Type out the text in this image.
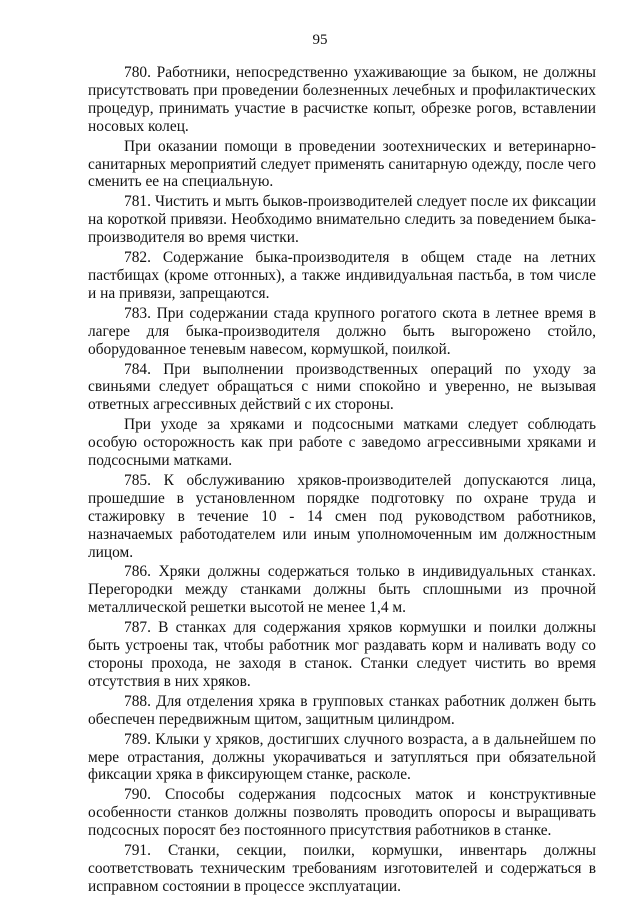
95

780. Работники, непосредственно ухаживающие за быком, не должны присутствовать при проведении болезненных лечебных и профилактических процедур, принимать участие в расчистке копыт, обрезке рогов, вставлении носовых колец.

При оказании помощи в проведении зоотехнических и ветеринарно-санитарных мероприятий следует применять санитарную одежду, после чего сменить ее на специальную.

781. Чистить и мыть быков-производителей следует после их фиксации на короткой привязи. Необходимо внимательно следить за поведением быка-производителя во время чистки.

782. Содержание быка-производителя в общем стаде на летних пастбищах (кроме отгонных), а также индивидуальная пастьба, в том числе и на привязи, запрещаются.

783. При содержании стада крупного рогатого скота в летнее время в лагере для быка-производителя должно быть выгорожено стойло, оборудованное теневым навесом, кормушкой, поилкой.

784. При выполнении производственных операций по уходу за свиньями следует обращаться с ними спокойно и уверенно, не вызывая ответных агрессивных действий с их стороны.

При уходе за хряками и подсосными матками следует соблюдать особую осторожность как при работе с заведомо агрессивными хряками и подсосными матками.

785. К обслуживанию хряков-производителей допускаются лица, прошедшие в установленном порядке подготовку по охране труда и стажировку в течение 10 - 14 смен под руководством работников, назначаемых работодателем или иным уполномоченным им должностным лицом.

786. Хряки должны содержаться только в индивидуальных станках. Перегородки между станками должны быть сплошными из прочной металлической решетки высотой не менее 1,4 м.

787. В станках для содержания хряков кормушки и поилки должны быть устроены так, чтобы работник мог раздавать корм и наливать воду со стороны прохода, не заходя в станок. Станки следует чистить во время отсутствия в них хряков.

788. Для отделения хряка в групповых станках работник должен быть обеспечен передвижным щитом, защитным цилиндром.

789. Клыки у хряков, достигших случного возраста, а в дальнейшем по мере отрастания, должны укорачиваться и затупляться при обязательной фиксации хряка в фиксирующем станке, расколе.

790. Способы содержания подсосных маток и конструктивные особенности станков должны позволять проводить опоросы и выращивать подсосных поросят без постоянного присутствия работников в станке.

791. Станки, секции, поилки, кормушки, инвентарь должны соответствовать техническим требованиям изготовителей и содержаться в исправном состоянии в процессе эксплуатации.
